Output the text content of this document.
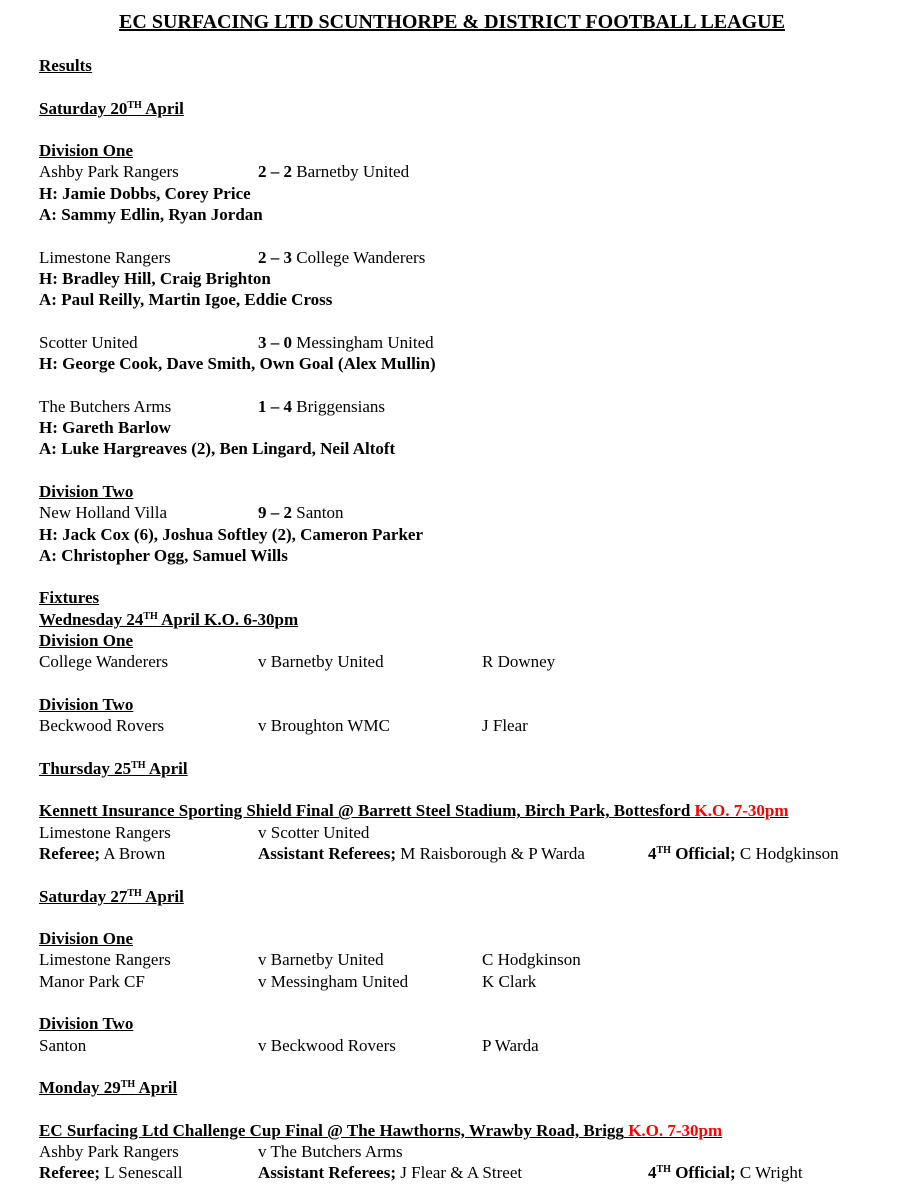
EC SURFACING LTD SCUNTHORPE & DISTRICT FOOTBALL LEAGUE
Results
Saturday 20TH April
Division One
Ashby Park Rangers	2 – 2 Barnetby United
H: Jamie Dobbs, Corey Price
A: Sammy Edlin, Ryan Jordan
Limestone Rangers	2 – 3 College Wanderers
H: Bradley Hill, Craig Brighton
A: Paul Reilly, Martin Igoe, Eddie Cross
Scotter United	3 – 0 Messingham United
H: George Cook, Dave Smith, Own Goal (Alex Mullin)
The Butchers Arms	1 – 4 Briggensians
H: Gareth Barlow
A: Luke Hargreaves (2), Ben Lingard, Neil Altoft
Division Two
New Holland Villa	9 – 2 Santon
H: Jack Cox (6), Joshua Softley (2), Cameron Parker
A: Christopher Ogg, Samuel Wills
Fixtures
Wednesday 24TH April K.O. 6-30pm
Division One
College Wanderers	v Barnetby United	R Downey
Division Two
Beckwood Rovers	v Broughton WMC	J Flear
Thursday 25TH April
Kennett Insurance Sporting Shield Final @ Barrett Steel Stadium, Birch Park, Bottesford K.O. 7-30pm
Limestone Rangers	v Scotter United
Referee; A Brown	Assistant Referees; M Raisborough & P Warda	4TH Official; C Hodgkinson
Saturday 27TH April
Division One
Limestone Rangers	v Barnetby United	C Hodgkinson
Manor Park CF	v Messingham United	K Clark
Division Two
Santon	v Beckwood Rovers	P Warda
Monday 29TH April
EC Surfacing Ltd Challenge Cup Final @ The Hawthorns, Wrawby Road, Brigg K.O. 7-30pm
Ashby Park Rangers	v The Butchers Arms
Referee; L Senescall	Assistant Referees; J Flear & A Street	4TH Official; C Wright
